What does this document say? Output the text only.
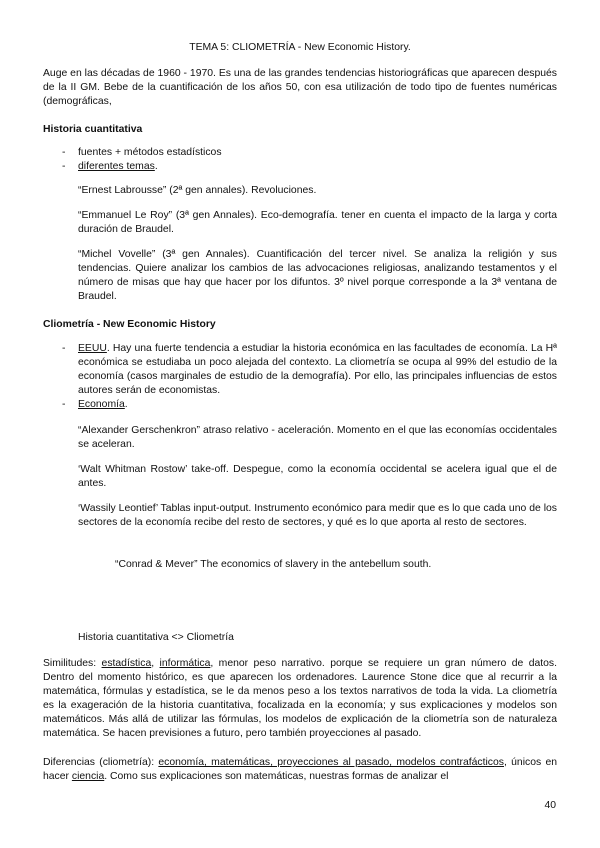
TEMA 5: CLIOMETRÍA - New Economic History.

Auge en las décadas de 1960 - 1970. Es una de las grandes tendencias historiográficas que aparecen después de la II GM. Bebe de la cuantificación de los años 50, con esa utilización de todo tipo de fuentes numéricas (demográficas,

Historia cuantitativa
- fuentes + métodos estadísticos
- diferentes temas.

“Ernest Labrousse” (2ª gen annales). Revoluciones.

“Emmanuel Le Roy” (3ª gen Annales). Eco-demografía. tener en cuenta el impacto de la larga y corta duración de Braudel.

“Michel Vovelle” (3ª gen Annales). Cuantificación del tercer nivel. Se analiza la religión y sus tendencias. Quiere analizar los cambios de las advocaciones religiosas, analizando testamentos y el número de misas que hay que hacer por los difuntos. 3º nivel porque corresponde a la 3ª ventana de Braudel.

Cliometría - New Economic History
- EEUU. Hay una fuerte tendencia a estudiar la historia económica en las facultades de economía. La Hª económica se estudiaba un poco alejada del contexto. La cliometría se ocupa al 99% del estudio de la economía (casos marginales de estudio de la demografía). Por ello, las principales influencias de estos autores serán de economistas.

- Economía.

“Alexander Gerschenkron” atraso relativo - aceleración. Momento en el que las economías occidentales se aceleran.

‘Walt Whitman Rostow’ take-off. Despegue, como la economía occidental se acelera igual que el de antes.

‘Wassily Leontief’ Tablas input-output. Instrumento económico para medir que es lo que cada uno de los sectores de la economía recibe del resto de sectores, y qué es lo que aporta al resto de sectores.

“Conrad & Mever” The economics of slavery in the antebellum south.
Historia cuantitativa <> Cliometría

Similitudes: estadística, informática, menor peso narrativo. porque se requiere un gran número de datos. Dentro del momento histórico, es que aparecen los ordenadores. Laurence Stone dice que al recurrir a la matemática, fórmulas y estadística, se le da menos peso a los textos narrativos de toda la vida. La cliometría es la exageración de la historia cuantitativa, focalizada en la economía; y sus explicaciones y modelos son matemáticos. Más allá de utilizar las fórmulas, los modelos de explicación de la cliometría son de naturaleza matemática. Se hacen previsiones a futuro, pero también proyecciones al pasado.

Diferencias (cliometría): economía, matemáticas, proyecciones al pasado, modelos contrafácticos, únicos en hacer ciencia. Como sus explicaciones son matemáticas, nuestras formas de analizar el

40
